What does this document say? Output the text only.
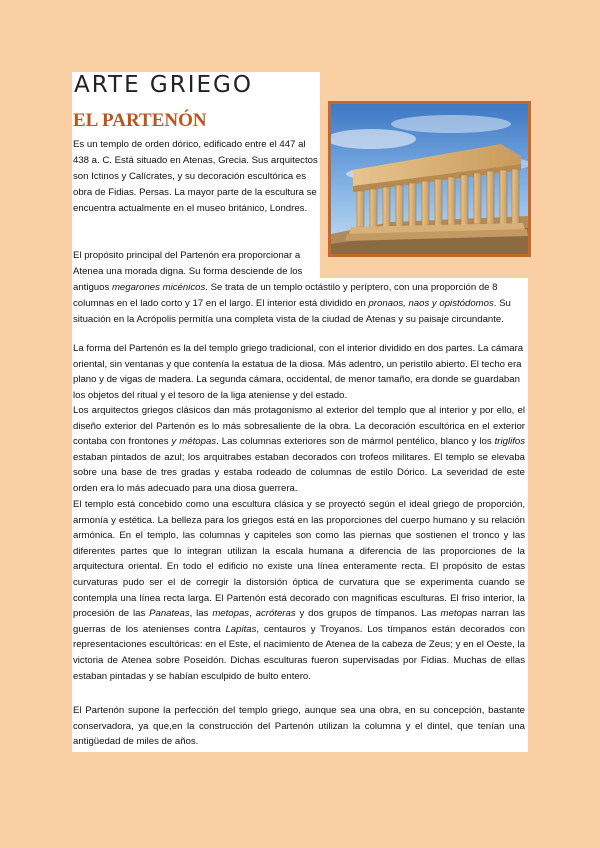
ARTE GRIEGO
EL PARTENÓN

Es un templo de orden dórico, edificado entre el 447 al 438 a. C. Está situado en Atenas, Grecia. Sus arquitectos son Ictinos y Calícrates, y su decoración escultórica es obra de Fidias. Persas. La mayor parte de la escultura se encuentra actualmente en el museo británico, Londres.

El propósito principal del Partenón era proporcionar a
Atenea una morada digna. Su forma desciende de los
antiguos megarones micénicos. Se trata de un templo octástilo y períptero, con una proporción de 8 columnas en el lado corto y 17 en el largo. El interior está dividido en pronaos, naos y opistódomos. Su situación en la Acrópolis permitía una completa vista de la ciudad de Atenas y su paisaje circundante.

La forma del Partenón es la del templo griego tradicional, con el interior dividido en dos partes. La cámara oriental, sin ventanas y que contenía la estatua de la diosa. Más adentro, un peristilo abierto. El techo era plano y de vigas de madera. La segunda cámara, occidental, de menor tamaño, era donde se guardaban los objetos del ritual y el tesoro de la liga ateniense y del estado.

Los arquitectos griegos clásicos dan más protagonismo al exterior del templo que al interior y por ello, el diseño exterior del Partenón es lo más sobresaliente de la obra. La decoración escultórica en el exterior contaba con frontones y métopas. Las columnas exteriores son de mármol pentélico, blanco y los triglifos estaban pintados de azul; los arquitrabes estaban decorados con trofeos militares. El templo se elevaba sobre una base de tres gradas y estaba rodeado de columnas de estilo Dórico. La severidad de este orden era lo más adecuado para una diosa guerrera.

El templo está concebido como una escultura clásica y se proyectó según el ideal griego de proporción, armonía y estética. La belleza para los griegos está en las proporciones del cuerpo humano y su relación armónica. En el templo, las columnas y capiteles son como las piernas que sostienen el tronco y las diferentes partes que lo integran utilizan la escala humana a diferencia de las proporciones de la arquitectura oriental. En todo el edificio no existe una línea enteramente recta. El propósito de estas curvaturas pudo ser el de corregir la distorsión óptica de curvatura que se experimenta cuando se contempla una línea recta larga. El Partenón está decorado con magnificas esculturas. El friso interior, la procesión de las Panateas, las metopas, acróteras y dos grupos de tímpanos. Las metopas narran las guerras de los atenienses contra Lapitas, centauros y Troyanos. Los tímpanos están decorados con representaciones escultóricas: en el Este, el nacimiento de Atenea de la cabeza de Zeus; y en el Oeste, la victoria de Atenea sobre Poseidón. Dichas esculturas fueron supervisadas por Fidias. Muchas de ellas estaban pintadas y se habían esculpido de bulto entero.

El Partenón supone la perfección del templo griego, aunque sea una obra, en su concepción, bastante conservadora, ya que,en la construcción del Partenón utilizan la columna y el dintel, que tenían una antigüedad de miles de años.
